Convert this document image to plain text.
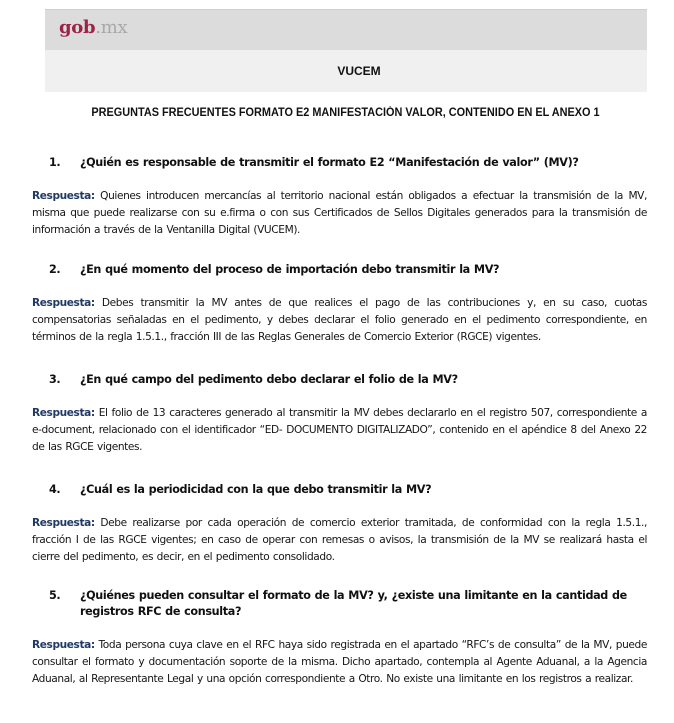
gob.mx
VUCEM
PREGUNTAS FRECUENTES FORMATO E2 MANIFESTACIÓN VALOR, CONTENIDO EN EL ANEXO 1
1.	¿Quién es responsable de transmitir el formato E2 “Manifestación de valor” (MV)?
Respuesta: Quienes introducen mercancías al territorio nacional están obligados a efectuar la transmisión de la MV, misma que puede realizarse con su e.firma o con sus Certificados de Sellos Digitales generados para la transmisión de información a través de la Ventanilla Digital (VUCEM).
2.	¿En qué momento del proceso de importación debo transmitir la MV?
Respuesta: Debes transmitir la MV antes de que realices el pago de las contribuciones y, en su caso, cuotas compensatorias señaladas en el pedimento, y debes declarar el folio generado en el pedimento correspondiente, en términos de la regla 1.5.1., fracción III de las Reglas Generales de Comercio Exterior (RGCE) vigentes.
3.	¿En qué campo del pedimento debo declarar el folio de la MV?
Respuesta: El folio de 13 caracteres generado al transmitir la MV debes declararlo en el registro 507, correspondiente a e-document, relacionado con el identificador “ED- DOCUMENTO DIGITALIZADO”, contenido en el apéndice 8 del Anexo 22 de las RGCE vigentes.
4.	¿Cuál es la periodicidad con la que debo transmitir la MV?
Respuesta: Debe realizarse por cada operación de comercio exterior tramitada, de conformidad con la regla 1.5.1., fracción I de las RGCE vigentes; en caso de operar con remesas o avisos, la transmisión de la MV se realizará hasta el cierre del pedimento, es decir, en el pedimento consolidado.
5.	¿Quiénes pueden consultar el formato de la MV? y, ¿existe una limitante en la cantidad de registros RFC de consulta?
Respuesta: Toda persona cuya clave en el RFC haya sido registrada en el apartado “RFC’s de consulta” de la MV, puede consultar el formato y documentación soporte de la misma. Dicho apartado, contempla al Agente Aduanal, a la Agencia Aduanal, al Representante Legal y una opción correspondiente a Otro. No existe una limitante en los registros a realizar.
